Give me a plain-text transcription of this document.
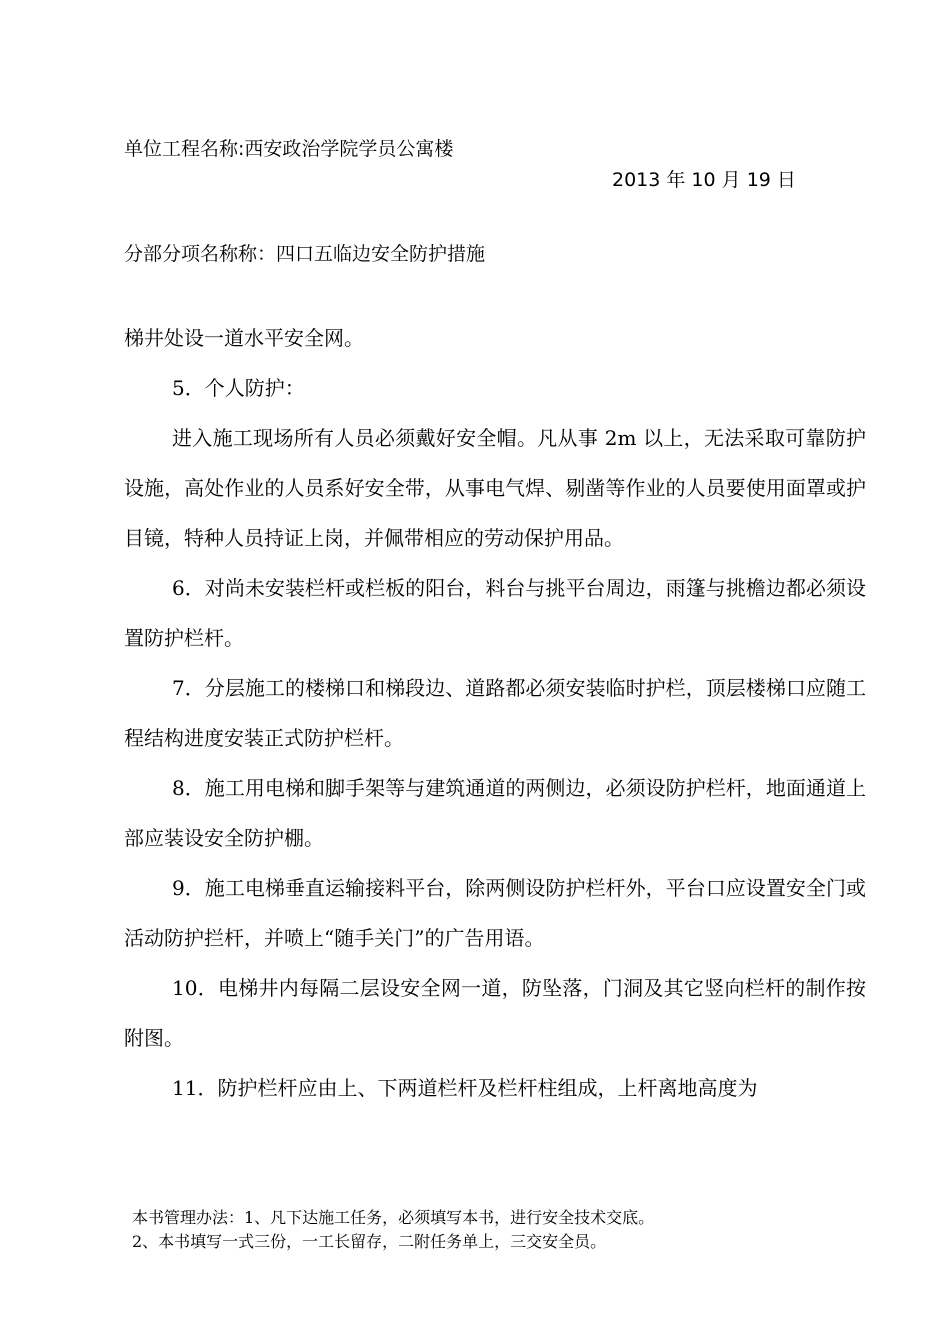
单位工程名称:西安政治学院学员公寓楼
2013 年 10 月 19 日
分部分项名称称：四口五临边安全防护措施

梯井处设一道水平安全网。

5．个人防护：

进入施工现场所有人员必须戴好安全帽。凡从事 2m 以上，无法采取可靠防护设施，高处作业的人员系好安全带，从事电气焊、剔凿等作业的人员要使用面罩或护目镜，特种人员持证上岗，并佩带相应的劳动保护用品。

6．对尚未安装栏杆或栏板的阳台，料台与挑平台周边，雨篷与挑檐边都必须设置防护栏杆。

7．分层施工的楼梯口和梯段边、道路都必须安装临时护栏，顶层楼梯口应随工程结构进度安装正式防护栏杆。

8．施工用电梯和脚手架等与建筑通道的两侧边，必须设防护栏杆，地面通道上部应装设安全防护棚。

9．施工电梯垂直运输接料平台，除两侧设防护栏杆外，平台口应设置安全门或活动防护拦杆，并喷上“随手关门”的广告用语。

10．电梯井内每隔二层设安全网一道，防坠落，门洞及其它竖向栏杆的制作按附图。

11．防护栏杆应由上、下两道栏杆及栏杆柱组成，上杆离地高度为

本书管理办法：1、凡下达施工任务，必须填写本书，进行安全技术交底。
2、本书填写一式三份，一工长留存，二附任务单上，三交安全员。
